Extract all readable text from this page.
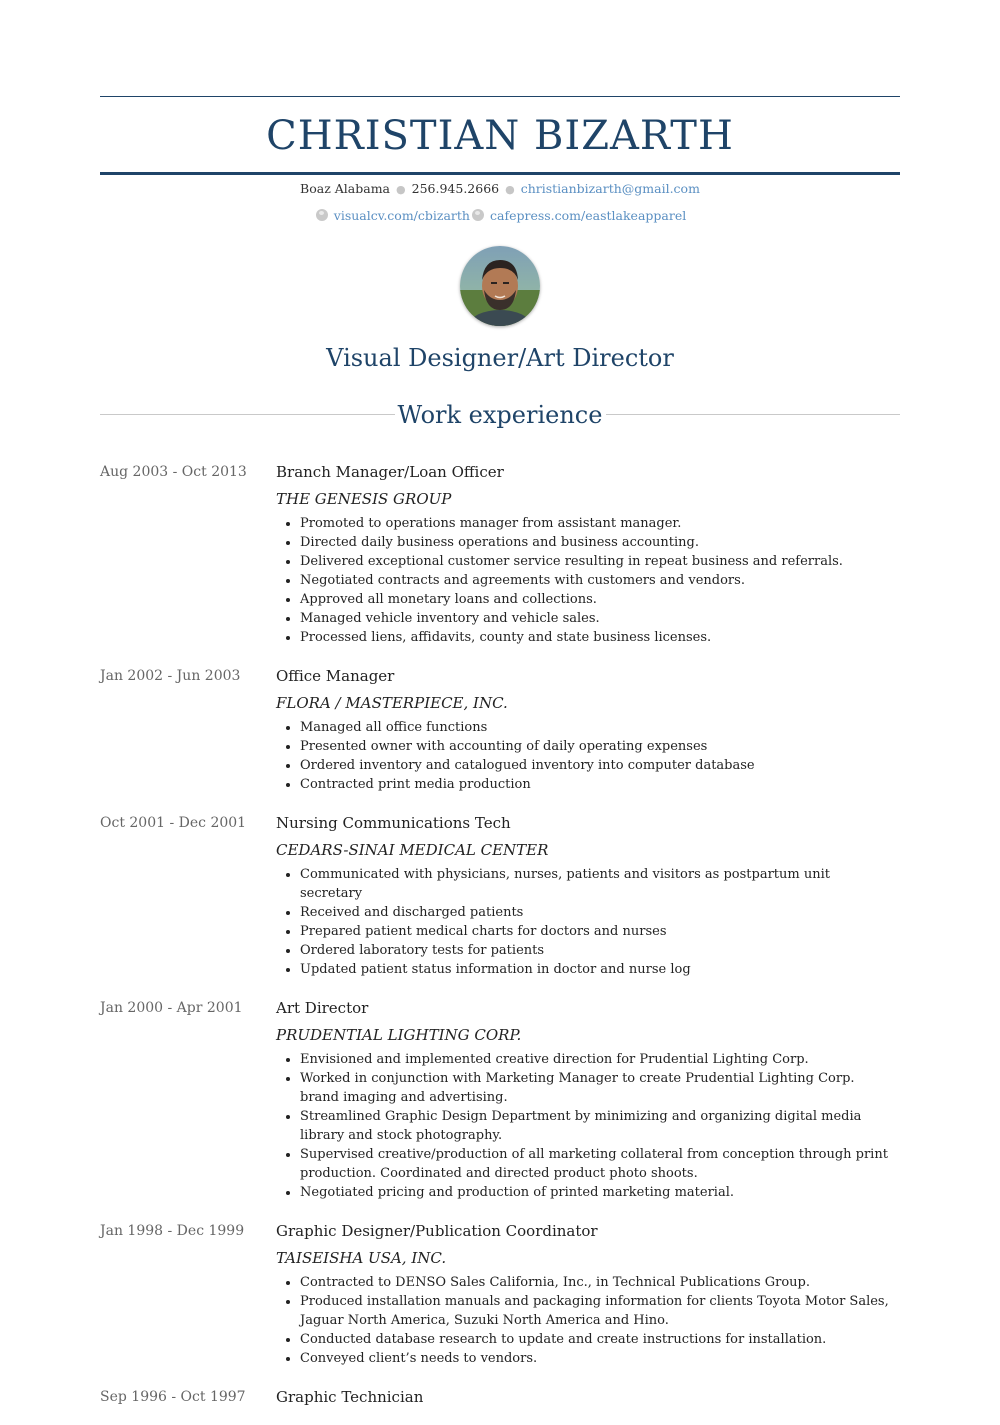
CHRISTIAN BIZARTH
Boaz Alabama ● 256.945.2666 ● christianbizarth@gmail.com
visualcv.com/cbizarth cafepress.com/eastlakeapparel
Visual Designer/Art Director
Work experience
Aug 2003 - Oct 2013	Branch Manager/Loan Officer
THE GENESIS GROUP
• Promoted to operations manager from assistant manager.
• Directed daily business operations and business accounting.
• Delivered exceptional customer service resulting in repeat business and referrals.
• Negotiated contracts and agreements with customers and vendors.
• Approved all monetary loans and collections.
• Managed vehicle inventory and vehicle sales.
• Processed liens, affidavits, county and state business licenses.
Jan 2002 - Jun 2003	Office Manager
FLORA / MASTERPIECE, INC.
• Managed all office functions
• Presented owner with accounting of daily operating expenses
• Ordered inventory and catalogued inventory into computer database
• Contracted print media production
Oct 2001 - Dec 2001	Nursing Communications Tech
CEDARS-SINAI MEDICAL CENTER
• Communicated with physicians, nurses, patients and visitors as postpartum unit secretary
• Received and discharged patients
• Prepared patient medical charts for doctors and nurses
• Ordered laboratory tests for patients
• Updated patient status information in doctor and nurse log
Jan 2000 - Apr 2001	Art Director
PRUDENTIAL LIGHTING CORP.
• Envisioned and implemented creative direction for Prudential Lighting Corp.
• Worked in conjunction with Marketing Manager to create Prudential Lighting Corp. brand imaging and advertising.
• Streamlined Graphic Design Department by minimizing and organizing digital media library and stock photography.
• Supervised creative/production of all marketing collateral from conception through print production. Coordinated and directed product photo shoots.
• Negotiated pricing and production of printed marketing material.
Jan 1998 - Dec 1999	Graphic Designer/Publication Coordinator
TAISEISHA USA, INC.
• Contracted to DENSO Sales California, Inc., in Technical Publications Group.
• Produced installation manuals and packaging information for clients Toyota Motor Sales, Jaguar North America, Suzuki North America and Hino.
• Conducted database research to update and create instructions for installation.
• Conveyed client’s needs to vendors.
Sep 1996 - Oct 1997	Graphic Technician
